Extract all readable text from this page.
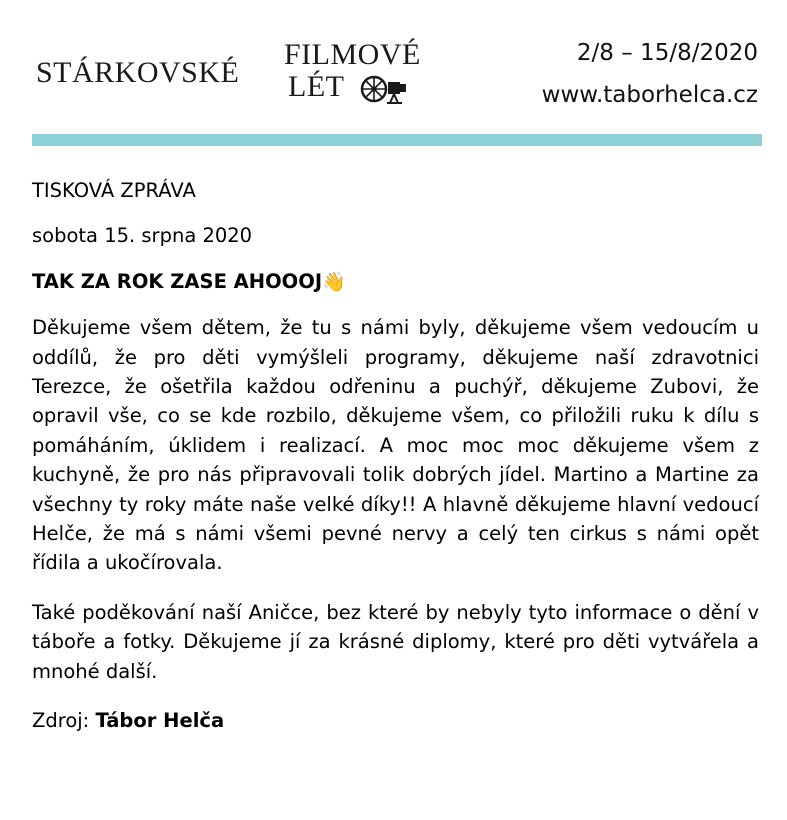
STÁRKOVSKÉ
FILMOVÉ
LÉT
2/8 – 15/8/2020
www.taborhelca.cz

TISKOVÁ ZPRÁVA

sobota 15. srpna 2020

TAK ZA ROK ZASE AHOOOJ👋

Děkujeme všem dětem, že tu s námi byly, děkujeme všem vedoucím u oddílů, že pro děti vymýšleli programy, děkujeme naší zdravotnici Terezce, že ošetřila každou odřeninu a puchýř, děkujeme Zubovi, že opravil vše, co se kde rozbilo, děkujeme všem, co přiložili ruku k dílu s pomáháním, úklidem i realizací. A moc moc moc děkujeme všem z kuchyně, že pro nás připravovali tolik dobrých jídel. Martino a Martine za všechny ty roky máte naše velké díky!! A hlavně děkujeme hlavní vedoucí Helče, že má s námi všemi pevné nervy a celý ten cirkus s námi opět řídila a ukočírovala.

Také poděkování naší Aničce, bez které by nebyly tyto informace o dění v táboře a fotky. Děkujeme jí za krásné diplomy, které pro děti vytvářela a mnohé další.

Zdroj: Tábor Helča
